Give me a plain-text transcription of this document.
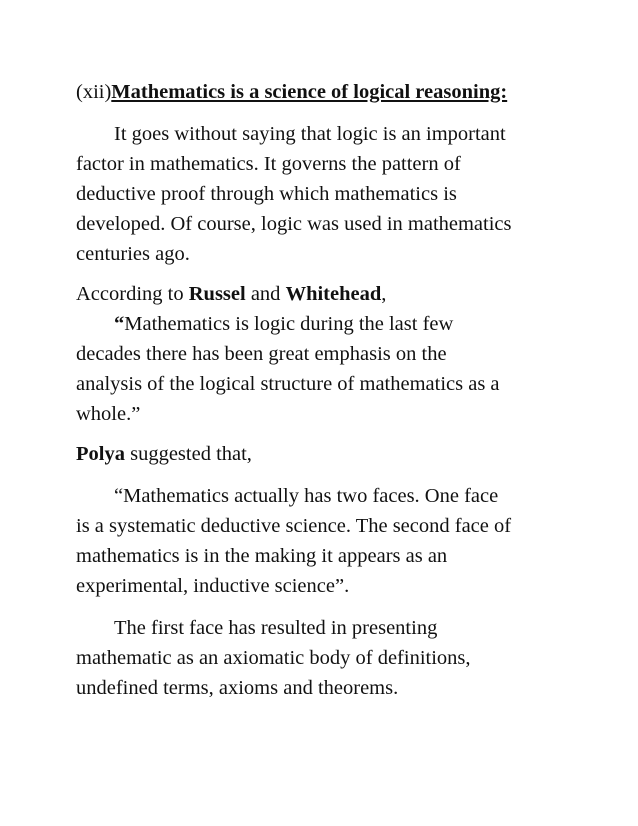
(xii)Mathematics is a science of logical reasoning:
It goes without saying that logic is an important
factor in mathematics. It governs the pattern of
deductive proof through which mathematics is
developed. Of course, logic was used in mathematics
centuries ago.
According to Russel and Whitehead,
“Mathematics is logic during the last few
decades there has been great emphasis on the
analysis of the logical structure of mathematics as a
whole.”
Polya suggested that,
“Mathematics actually has two faces. One face
is a systematic deductive science. The second face of
mathematics is in the making it appears as an
experimental, inductive science”.
The first face has resulted in presenting
mathematic as an axiomatic body of definitions,
undefined terms, axioms and theorems.
